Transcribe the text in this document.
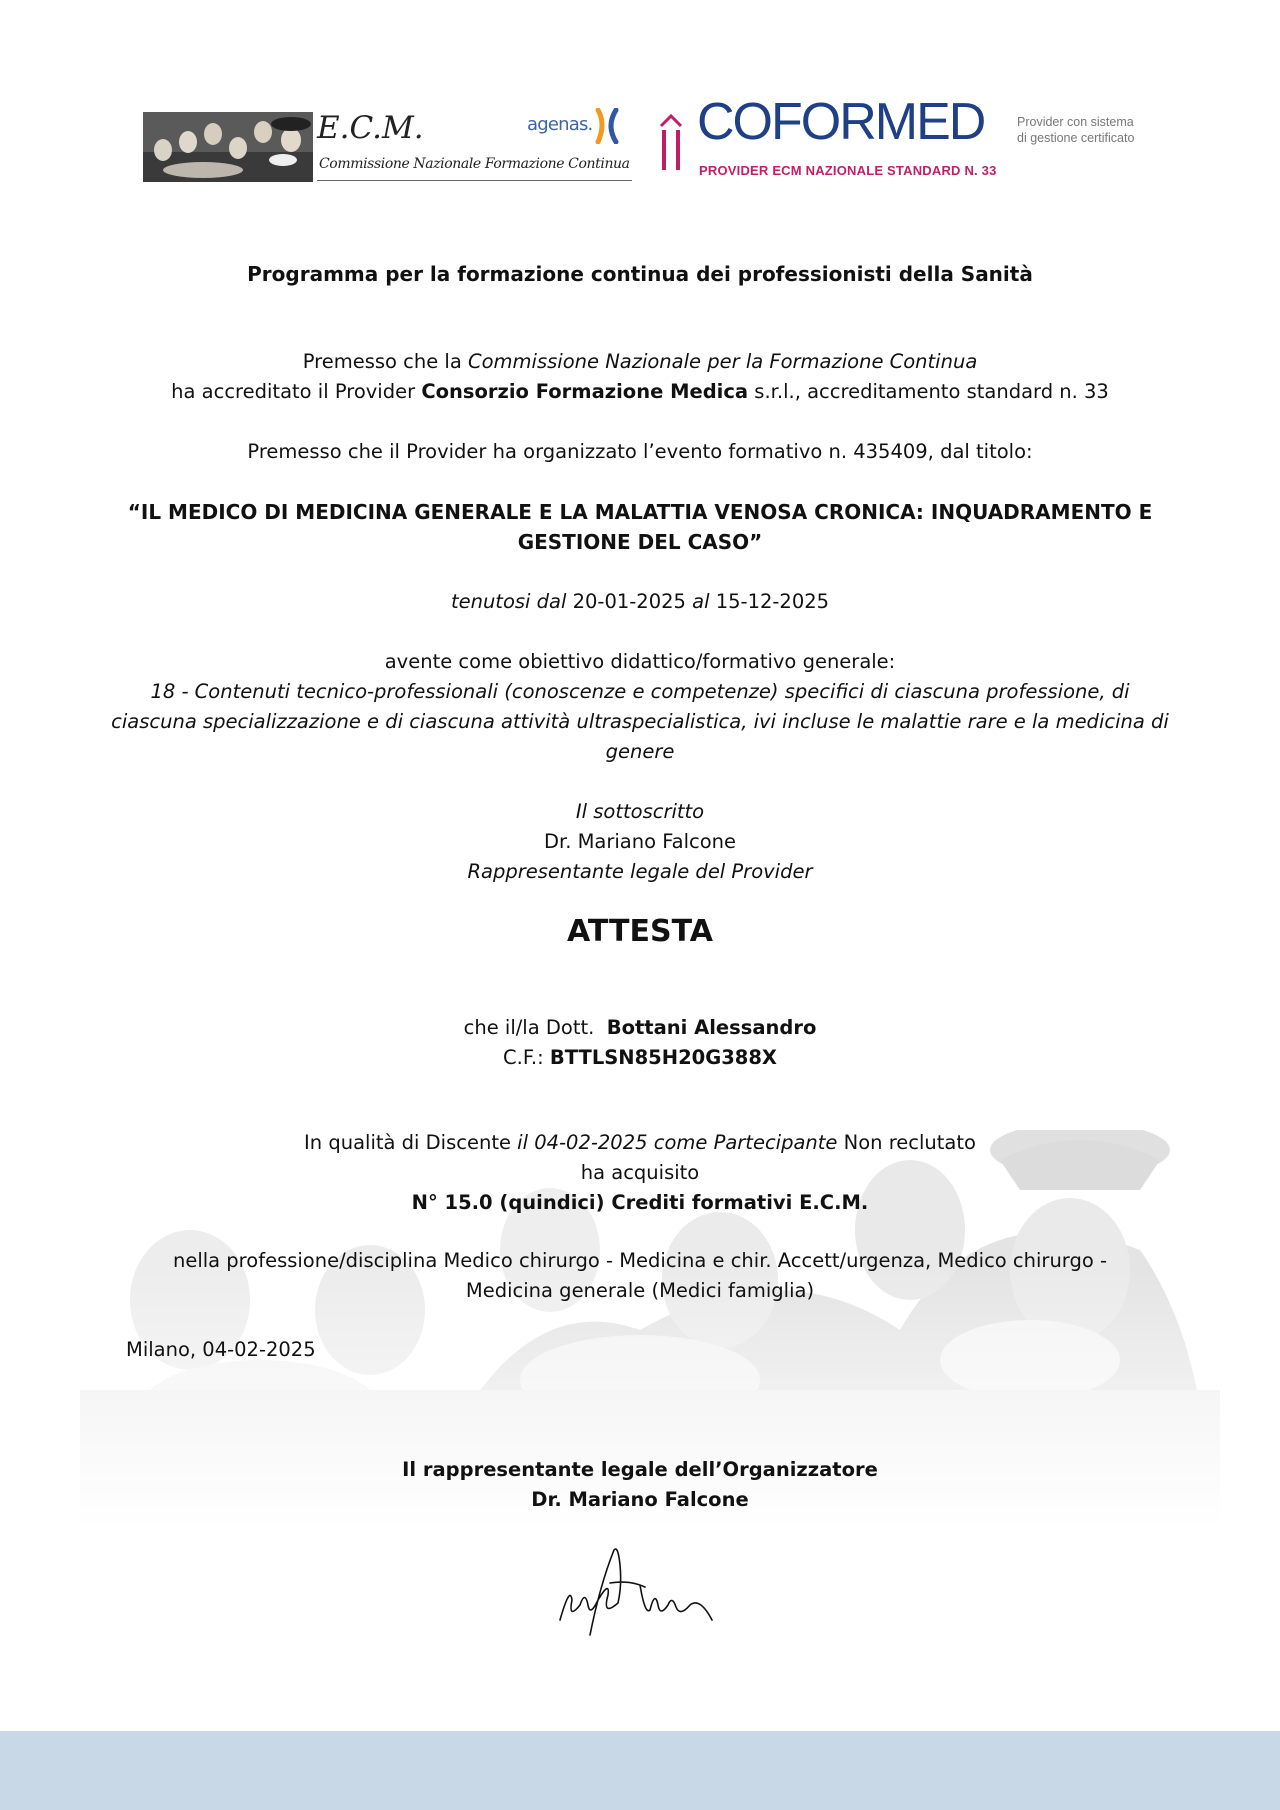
E.C.M.
Commissione Nazionale Formazione Continua
agenas. COFORMED
PROVIDER ECM NAZIONALE STANDARD N. 33
Provider con sistema
di gestione certificato
Programma per la formazione continua dei professionisti della Sanità
Premesso che la Commissione Nazionale per la Formazione Continua
ha accreditato il Provider Consorzio Formazione Medica s.r.l., accreditamento standard n. 33
Premesso che il Provider ha organizzato l’evento formativo n. 435409, dal titolo:
“IL MEDICO DI MEDICINA GENERALE E LA MALATTIA VENOSA CRONICA: INQUADRAMENTO E GESTIONE DEL CASO”
tenutosi dal 20-01-2025 al 15-12-2025
avente come obiettivo didattico/formativo generale:
18 - Contenuti tecnico-professionali (conoscenze e competenze) specifici di ciascuna professione, di ciascuna specializzazione e di ciascuna attività ultraspecialistica, ivi incluse le malattie rare e la medicina di genere
Il sottoscritto
Dr. Mariano Falcone
Rappresentante legale del Provider
ATTESTA
che il/la Dott.  Bottani Alessandro
C.F.: BTTLSN85H20G388X
In qualità di Discente il 04-02-2025 come Partecipante Non reclutato
ha acquisito
N° 15.0 (quindici) Crediti formativi E.C.M.
nella professione/disciplina Medico chirurgo - Medicina e chir. Accett/urgenza, Medico chirurgo - Medicina generale (Medici famiglia)
Milano, 04-02-2025
Il rappresentante legale dell’Organizzatore
Dr. Mariano Falcone
